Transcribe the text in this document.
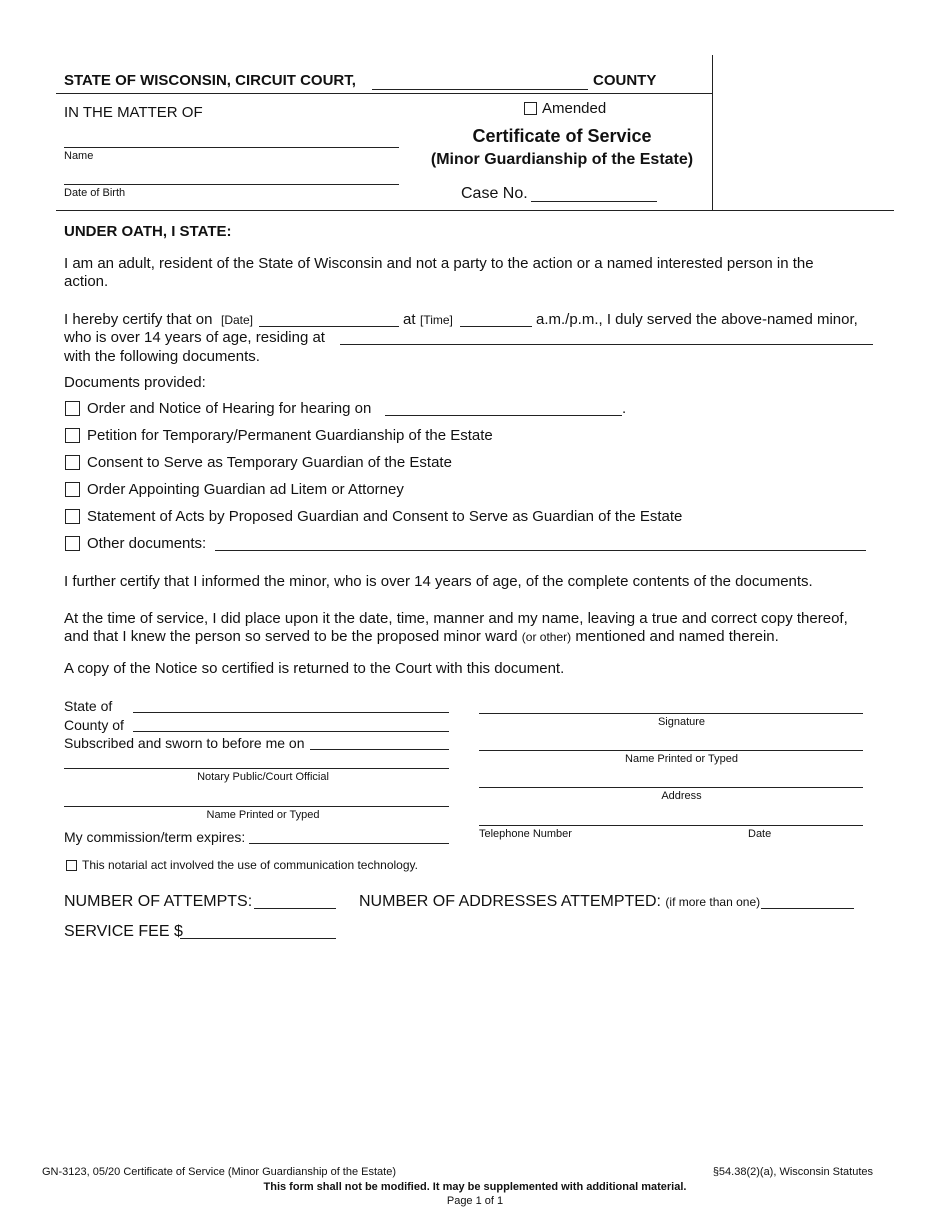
STATE OF WISCONSIN, CIRCUIT COURT,	COUNTY
IN THE MATTER OF
Name
Date of Birth
Amended
Certificate of Service
(Minor Guardianship of the Estate)
Case No.
UNDER OATH, I STATE:
I am an adult, resident of the State of Wisconsin and not a party to the action or a named interested person in the
action.
I hereby certify that on [Date]	at [Time]	a.m./p.m., I duly served the above-named minor,
who is over 14 years of age, residing at
with the following documents.
Documents provided:
Order and Notice of Hearing for hearing on	.
Petition for Temporary/Permanent Guardianship of the Estate
Consent to Serve as Temporary Guardian of the Estate
Order Appointing Guardian ad Litem or Attorney
Statement of Acts by Proposed Guardian and Consent to Serve as Guardian of the Estate
Other documents:
I further certify that I informed the minor, who is over 14 years of age, of the complete contents of the documents.
At the time of service, I did place upon it the date, time, manner and my name, leaving a true and correct copy thereof,
and that I knew the person so served to be the proposed minor ward (or other) mentioned and named therein.
A copy of the Notice so certified is returned to the Court with this document.
State of
County of
Subscribed and sworn to before me on
Notary Public/Court Official
Name Printed or Typed
My commission/term expires:
This notarial act involved the use of communication technology.
Signature
Name Printed or Typed
Address
Telephone Number	Date
NUMBER OF ATTEMPTS:	NUMBER OF ADDRESSES ATTEMPTED: (if more than one)
SERVICE FEE $
GN-3123, 05/20 Certificate of Service (Minor Guardianship of the Estate)	§54.38(2)(a), Wisconsin Statutes
This form shall not be modified. It may be supplemented with additional material.
Page 1 of 1
